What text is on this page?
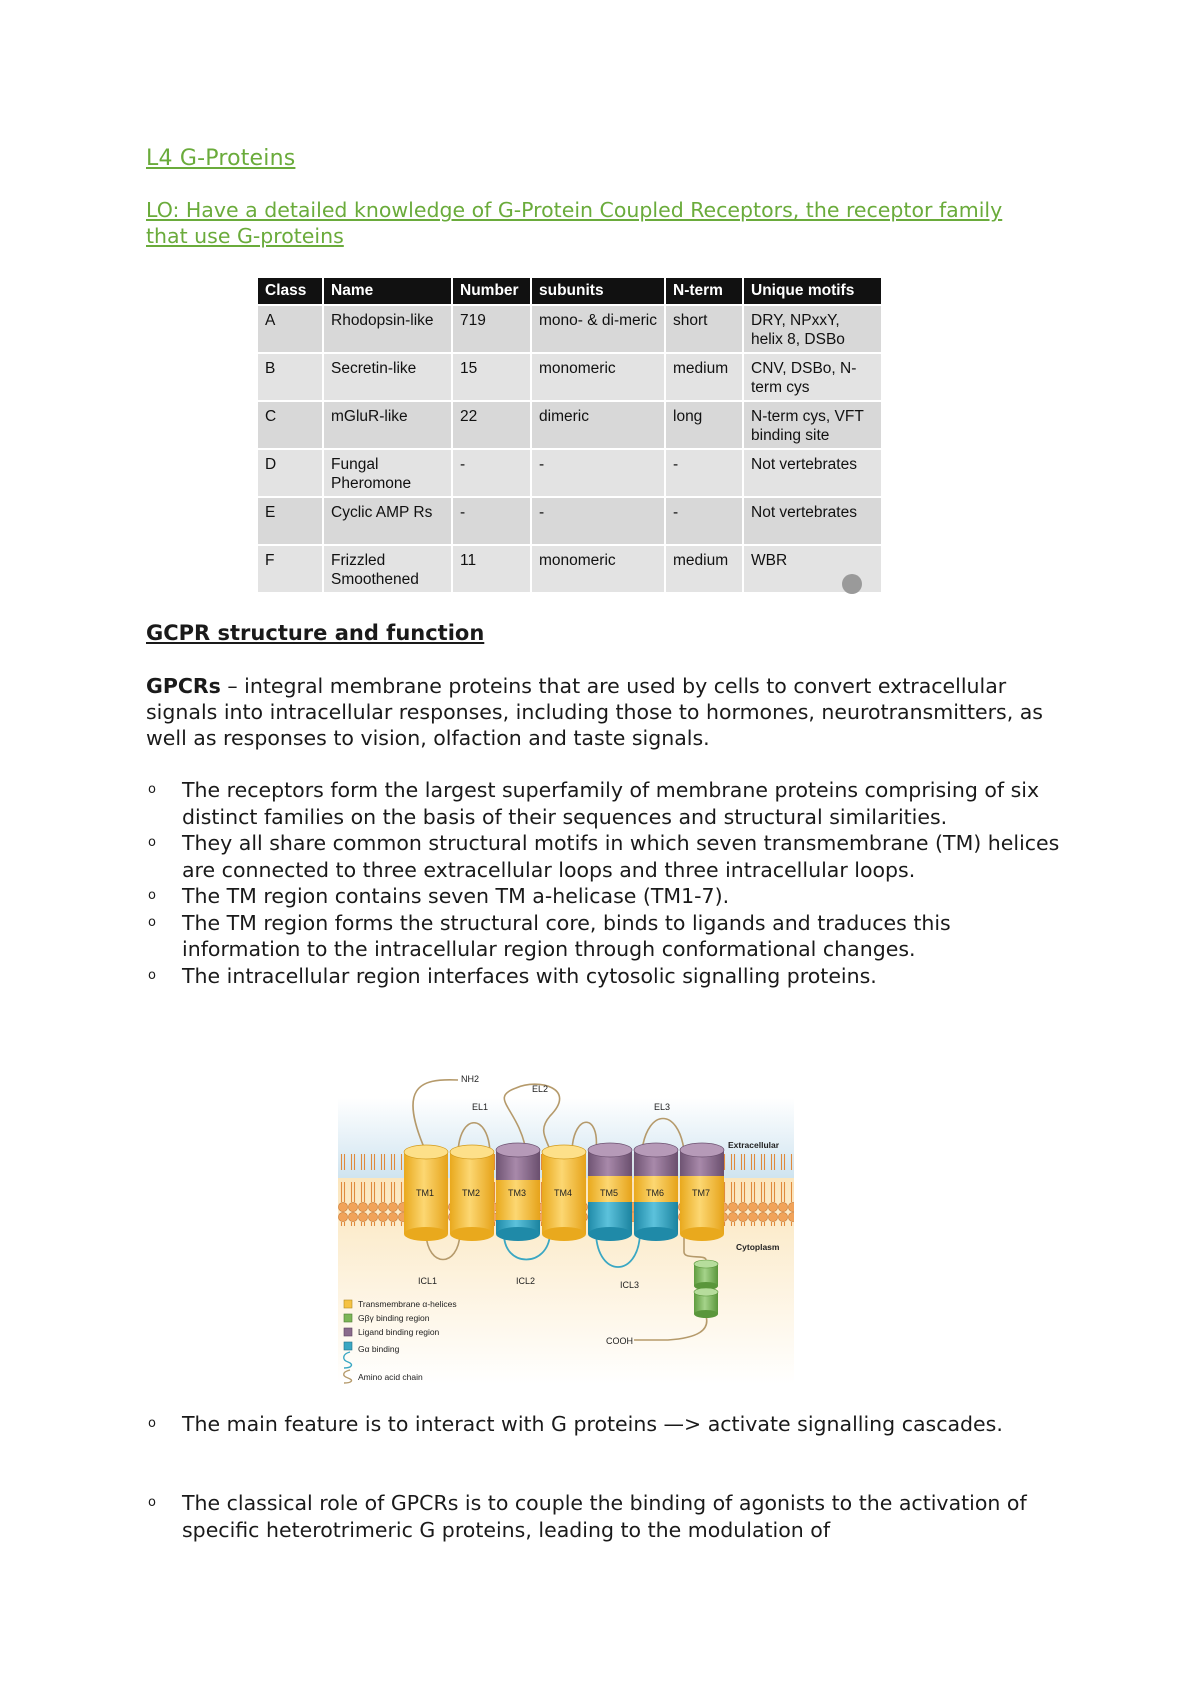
L4 G-Proteins
LO: Have a detailed knowledge of G-Protein Coupled Receptors, the receptor family that use G-proteins
Class	Name	Number	subunits	N-term	Unique motifs
A	Rhodopsin-like	719	mono- & di-meric	short	DRY, NPxxY, helix 8, DSBo
B	Secretin-like	15	monomeric	medium	CNV, DSBo, N-term cys
C	mGluR-like	22	dimeric	long	N-term cys, VFT binding site
D	Fungal Pheromone	-	-	-	Not vertebrates
E	Cyclic AMP Rs	-	-	-	Not vertebrates
F	Frizzled Smoothened	11	monomeric	medium	WBR
GCPR structure and function
GPCRs – integral membrane proteins that are used by cells to convert extracellular signals into intracellular responses, including those to hormones, neurotransmitters, as well as responses to vision, olfaction and taste signals.
o The receptors form the largest superfamily of membrane proteins comprising of six distinct families on the basis of their sequences and structural similarities.
o They all share common structural motifs in which seven transmembrane (TM) helices are connected to three extracellular loops and three intracellular loops.
o The TM region contains seven TM a-helicase (TM1-7).
o The TM region forms the structural core, binds to ligands and traduces this information to the intracellular region through conformational changes.
o The intracellular region interfaces with cytosolic signalling proteins.
NH2
EL1
EL2
EL3
Extracellular
Cytoplasm
TM1	TM2	TM3	TM4	TM5	TM6	TM7
ICL1	ICL2	ICL3
COOH
Transmembrane α-helices
Gβγ binding region
Ligand binding region
Gα binding
Amino acid chain
o The main feature is to interact with G proteins —> activate signalling cascades.
o The classical role of GPCRs is to couple the binding of agonists to the activation of specific heterotrimeric G proteins, leading to the modulation of
